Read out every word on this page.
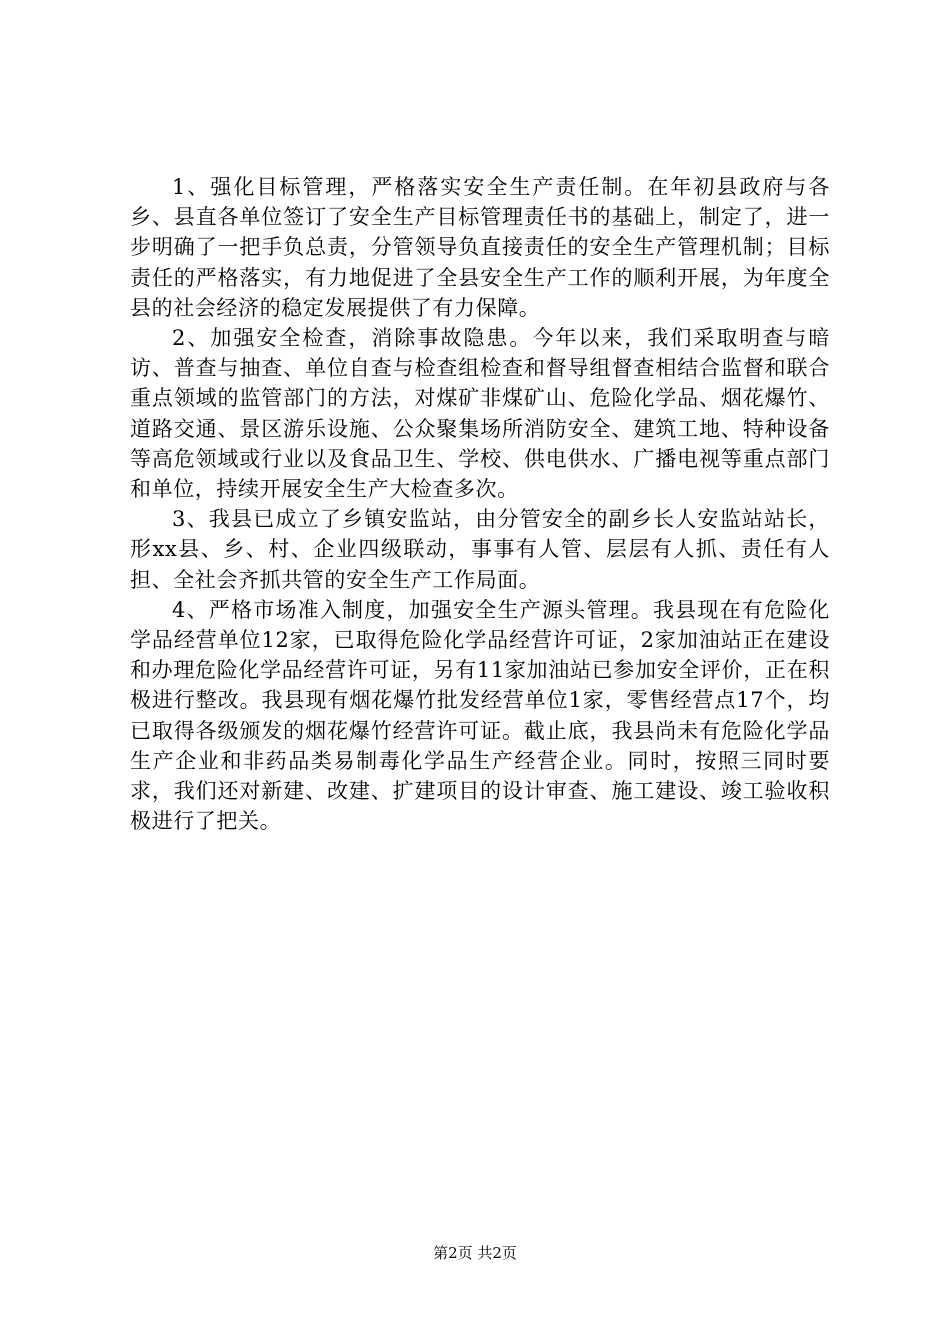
1、强化目标管理，严格落实安全生产责任制。在年初县政府与各乡、县直各单位签订了安全生产目标管理责任书的基础上，制定了，进一步明确了一把手负总责，分管领导负直接责任的安全生产管理机制；目标责任的严格落实，有力地促进了全县安全生产工作的顺利开展，为年度全县的社会经济的稳定发展提供了有力保障。

2、加强安全检查，消除事故隐患。今年以来，我们采取明查与暗访、普查与抽查、单位自查与检查组检查和督导组督查相结合监督和联合重点领域的监管部门的方法，对煤矿非煤矿山、危险化学品、烟花爆竹、道路交通、景区游乐设施、公众聚集场所消防安全、建筑工地、特种设备等高危领域或行业以及食品卫生、学校、供电供水、广播电视等重点部门和单位，持续开展安全生产大检查多次。

3、我县已成立了乡镇安监站，由分管安全的副乡长人安监站站长，形xx县、乡、村、企业四级联动，事事有人管、层层有人抓、责任有人担、全社会齐抓共管的安全生产工作局面。

4、严格市场准入制度，加强安全生产源头管理。我县现在有危险化学品经营单位12家，已取得危险化学品经营许可证，2家加油站正在建设和办理危险化学品经营许可证，另有11家加油站已参加安全评价，正在积极进行整改。我县现有烟花爆竹批发经营单位1家，零售经营点17个，均已取得各级颁发的烟花爆竹经营许可证。截止底，我县尚未有危险化学品生产企业和非药品类易制毒化学品生产经营企业。同时，按照三同时要求，我们还对新建、改建、扩建项目的设计审查、施工建设、竣工验收积极进行了把关。

第2页 共2页
